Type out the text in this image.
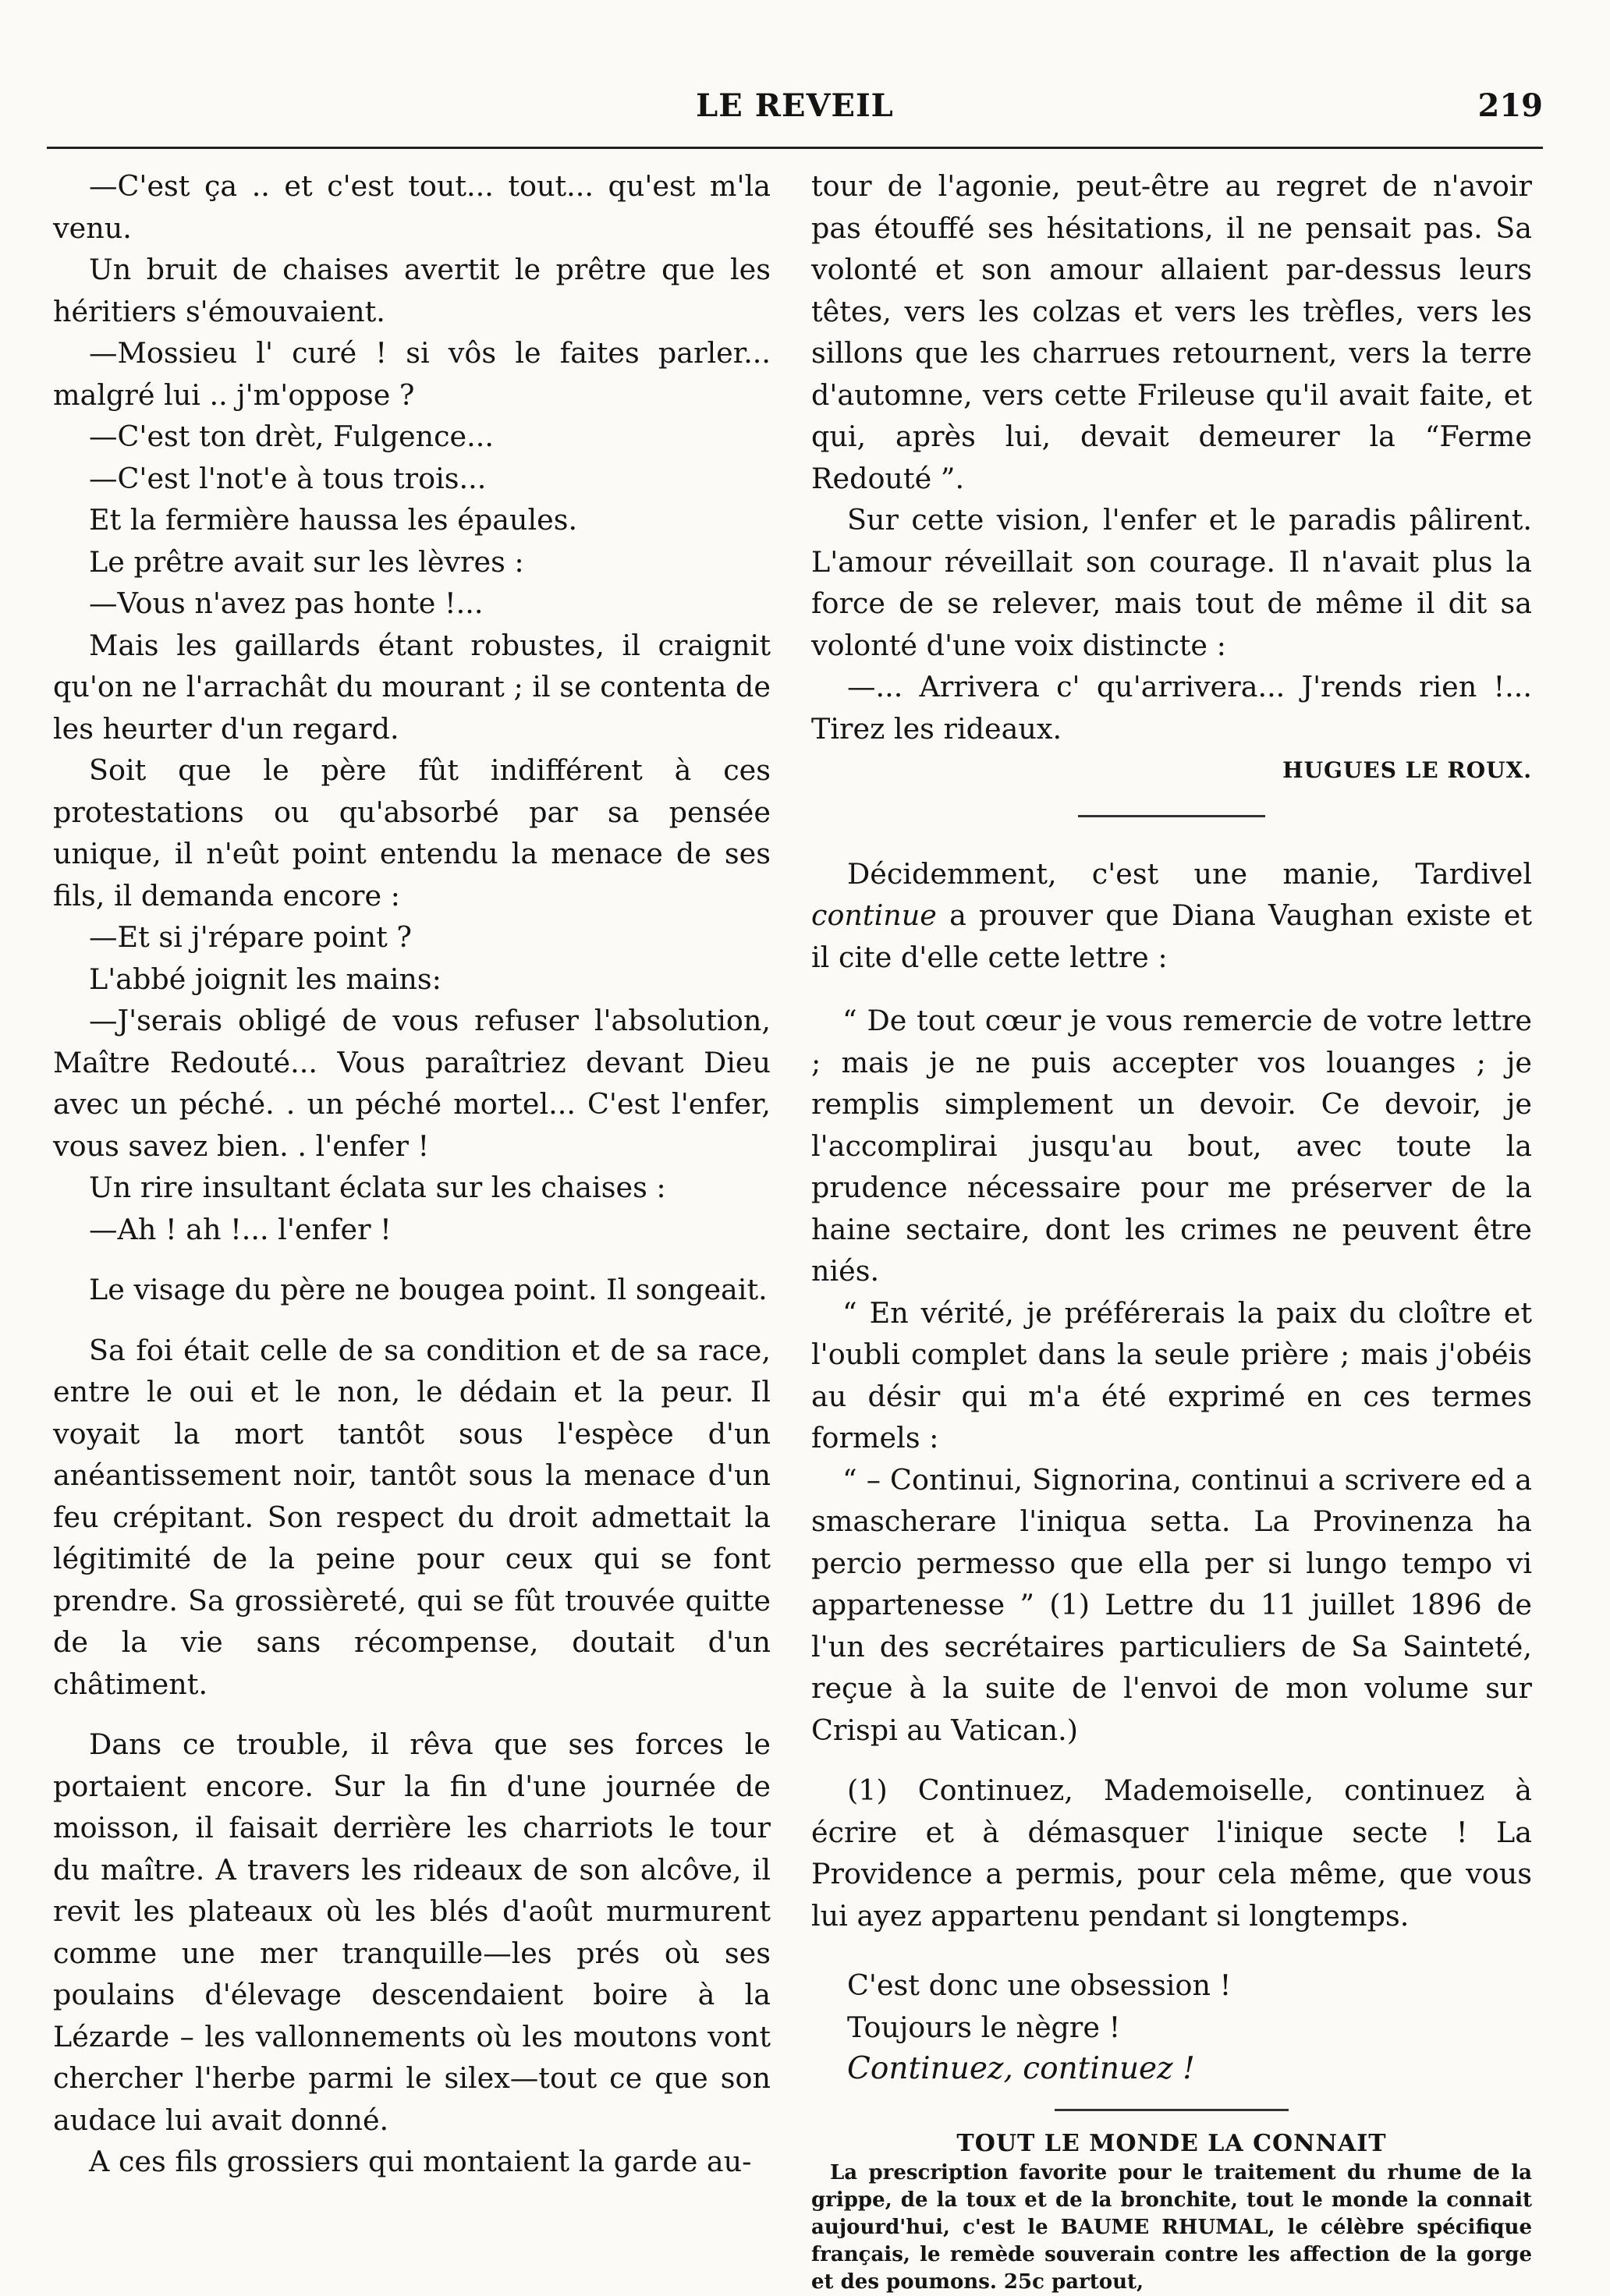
LE REVEIL	219

—C'est ça .. et c'est tout... tout... qu'est m'la venu.

Un bruit de chaises avertit le prêtre que les héritiers s'émouvaient.

—Mossieu l' curé ! si vôs le faites parler... malgré lui .. j'm'oppose ?

—C'est ton drèt, Fulgence...

—C'est l'not'e à tous trois...

Et la fermière haussa les épaules.

Le prêtre avait sur les lèvres :

—Vous n'avez pas honte !...

Mais les gaillards étant robustes, il craignit qu'on ne l'arrachât du mourant ; il se contenta de les heurter d'un regard.

Soit que le père fût indifférent à ces protestations ou qu'absorbé par sa pensée unique, il n'eût point entendu la menace de ses fils, il demanda encore :

—Et si j'répare point ?

L'abbé joignit les mains:

—J'serais obligé de vous refuser l'absolution, Maître Redouté... Vous paraîtriez devant Dieu avec un péché. . un péché mortel... C'est l'enfer, vous savez bien. . l'enfer !

Un rire insultant éclata sur les chaises :

—Ah ! ah !... l'enfer !

Le visage du père ne bougea point. Il songeait.

Sa foi était celle de sa condition et de sa race, entre le oui et le non, le dédain et la peur. Il voyait la mort tantôt sous l'espèce d'un anéantissement noir, tantôt sous la menace d'un feu crépitant. Son respect du droit admettait la légitimité de la peine pour ceux qui se font prendre. Sa grossièreté, qui se fût trouvée quitte de la vie sans récompense, doutait d'un châtiment.

Dans ce trouble, il rêva que ses forces le portaient encore. Sur la fin d'une journée de moisson, il faisait derrière les charriots le tour du maître. A travers les rideaux de son alcôve, il revit les plateaux où les blés d'août murmurent comme une mer tranquille—les prés où ses poulains d'élevage descendaient boire à la Lézarde – les vallonnements où les moutons vont chercher l'herbe parmi le silex—tout ce que son audace lui avait donné.

A ces fils grossiers qui montaient la garde au-

tour de l'agonie, peut-être au regret de n'avoir pas étouffé ses hésitations, il ne pensait pas. Sa volonté et son amour allaient par-dessus leurs têtes, vers les colzas et vers les trèfles, vers les sillons que les charrues retournent, vers la terre d'automne, vers cette Frileuse qu'il avait faite, et qui, après lui, devait demeurer la “Ferme Redouté ”.

Sur cette vision, l'enfer et le paradis pâlirent. L'amour réveillait son courage. Il n'avait plus la force de se relever, mais tout de même il dit sa volonté d'une voix distincte :

—... Arrivera c' qu'arrivera... J'rends rien !... Tirez les rideaux.

HUGUES LE ROUX.

Décidemment, c'est une manie, Tardivel continue a prouver que Diana Vaughan existe et il cite d'elle cette lettre :

“ De tout cœur je vous remercie de votre lettre ; mais je ne puis accepter vos louanges ; je remplis simplement un devoir. Ce devoir, je l'accomplirai jusqu'au bout, avec toute la prudence nécessaire pour me préserver de la haine sectaire, dont les crimes ne peuvent être niés.

“ En vérité, je préférerais la paix du cloître et l'oubli complet dans la seule prière ; mais j'obéis au désir qui m'a été exprimé en ces termes formels :

“ – Continui, Signorina, continui a scrivere ed a smascherare l'iniqua setta. La Provinenza ha percio permesso que ella per si lungo tempo vi appartenesse ” (1) Lettre du 11 juillet 1896 de l'un des secrétaires particuliers de Sa Sainteté, reçue à la suite de l'envoi de mon volume sur Crispi au Vatican.)

(1) Continuez, Mademoiselle, continuez à écrire et à démasquer l'inique secte ! La Providence a permis, pour cela même, que vous lui ayez appartenu pendant si longtemps.

C'est donc une obsession !

Toujours le nègre !

Continuez, continuez !

TOUT LE MONDE LA CONNAIT
La prescription favorite pour le traitement du rhume de la grippe, de la toux et de la bronchite, tout le monde la connait aujourd'hui, c'est le BAUME RHUMAL, le célèbre spécifique français, le remède souverain contre les affection de la gorge et des poumons. 25c partout,
